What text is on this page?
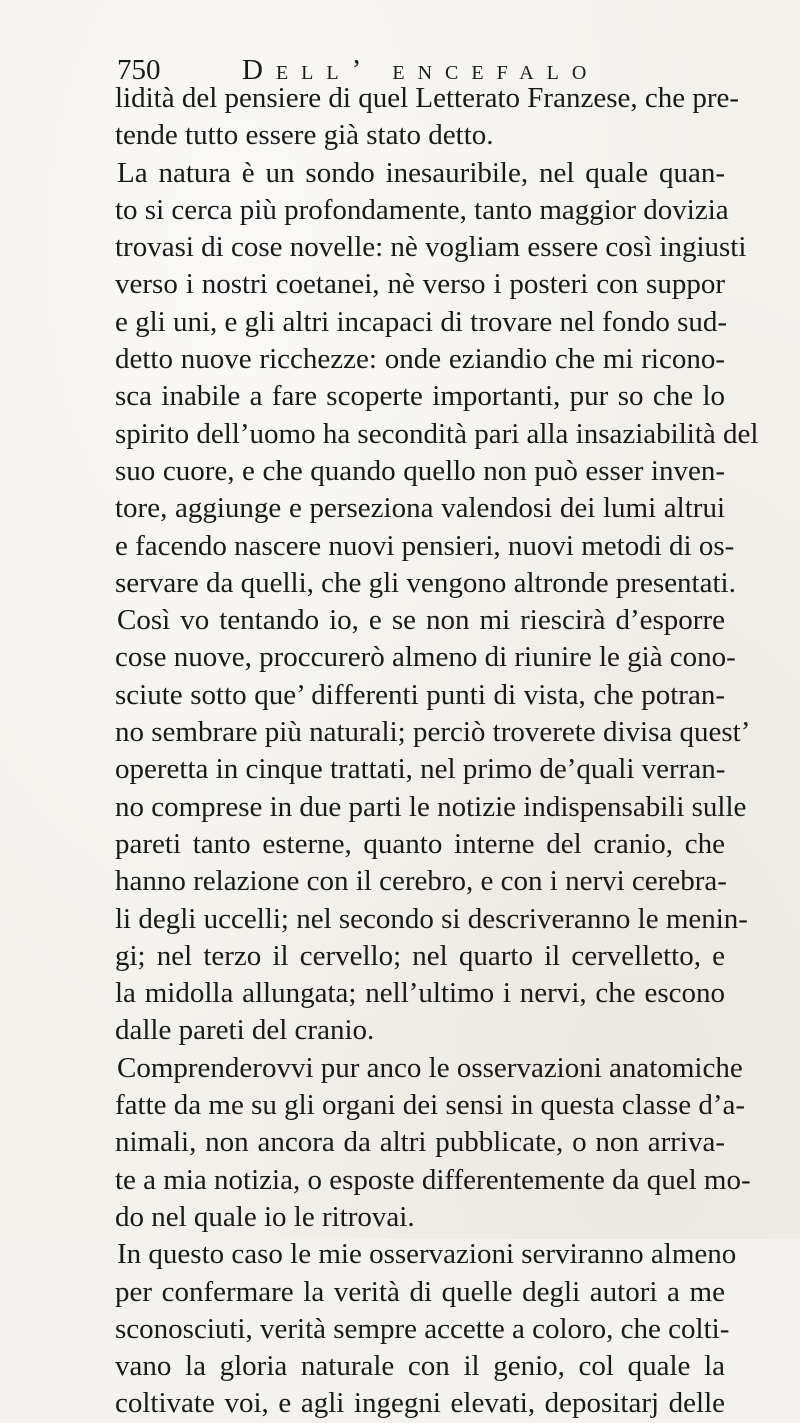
750	Dell’ encefalo
lidità del pensiere di quel Letterato Franzese, che pre-
tende tutto essere già stato detto.
La natura è un sondo inesauribile, nel quale quan-
to si cerca più profondamente, tanto maggior dovizia
trovasi di cose novelle: nè vogliam essere così ingiusti
verso i nostri coetanei, nè verso i posteri con suppor
e gli uni, e gli altri incapaci di trovare nel fondo sud-
detto nuove ricchezze: onde eziandio che mi ricono-
sca inabile a fare scoperte importanti, pur so che lo
spirito dell’uomo ha secondità pari alla insaziabilità del
suo cuore, e che quando quello non può esser inven-
tore, aggiunge e perseziona valendosi dei lumi altrui
e facendo nascere nuovi pensieri, nuovi metodi di os-
servare da quelli, che gli vengono altronde presentati.
Così vo tentando io, e se non mi riescirà d’esporre
cose nuove, proccurerò almeno di riunire le già cono-
sciute sotto que’ differenti punti di vista, che potran-
no sembrare più naturali; perciò troverete divisa quest’
operetta in cinque trattati, nel primo de’quali verran-
no comprese in due parti le notizie indispensabili sulle
pareti tanto esterne, quanto interne del cranio, che
hanno relazione con il cerebro, e con i nervi cerebra-
li degli uccelli; nel secondo si descriveranno le menin-
gi; nel terzo il cervello; nel quarto il cervelletto, e
la midolla allungata; nell’ultimo i nervi, che escono
dalle pareti del cranio.
Comprenderovvi pur anco le osservazioni anatomiche
fatte da me su gli organi dei sensi in questa classe d’a-
nimali, non ancora da altri pubblicate, o non arriva-
te a mia notizia, o esposte differentemente da quel mo-
do nel quale io le ritrovai.
In questo caso le mie osservazioni serviranno almeno
per confermare la verità di quelle degli autori a me
sconosciuti, verità sempre accette a coloro, che colti-
vano la gloria naturale con il genio, col quale la
coltivate voi, e agli ingegni elevati, depositarj delle
